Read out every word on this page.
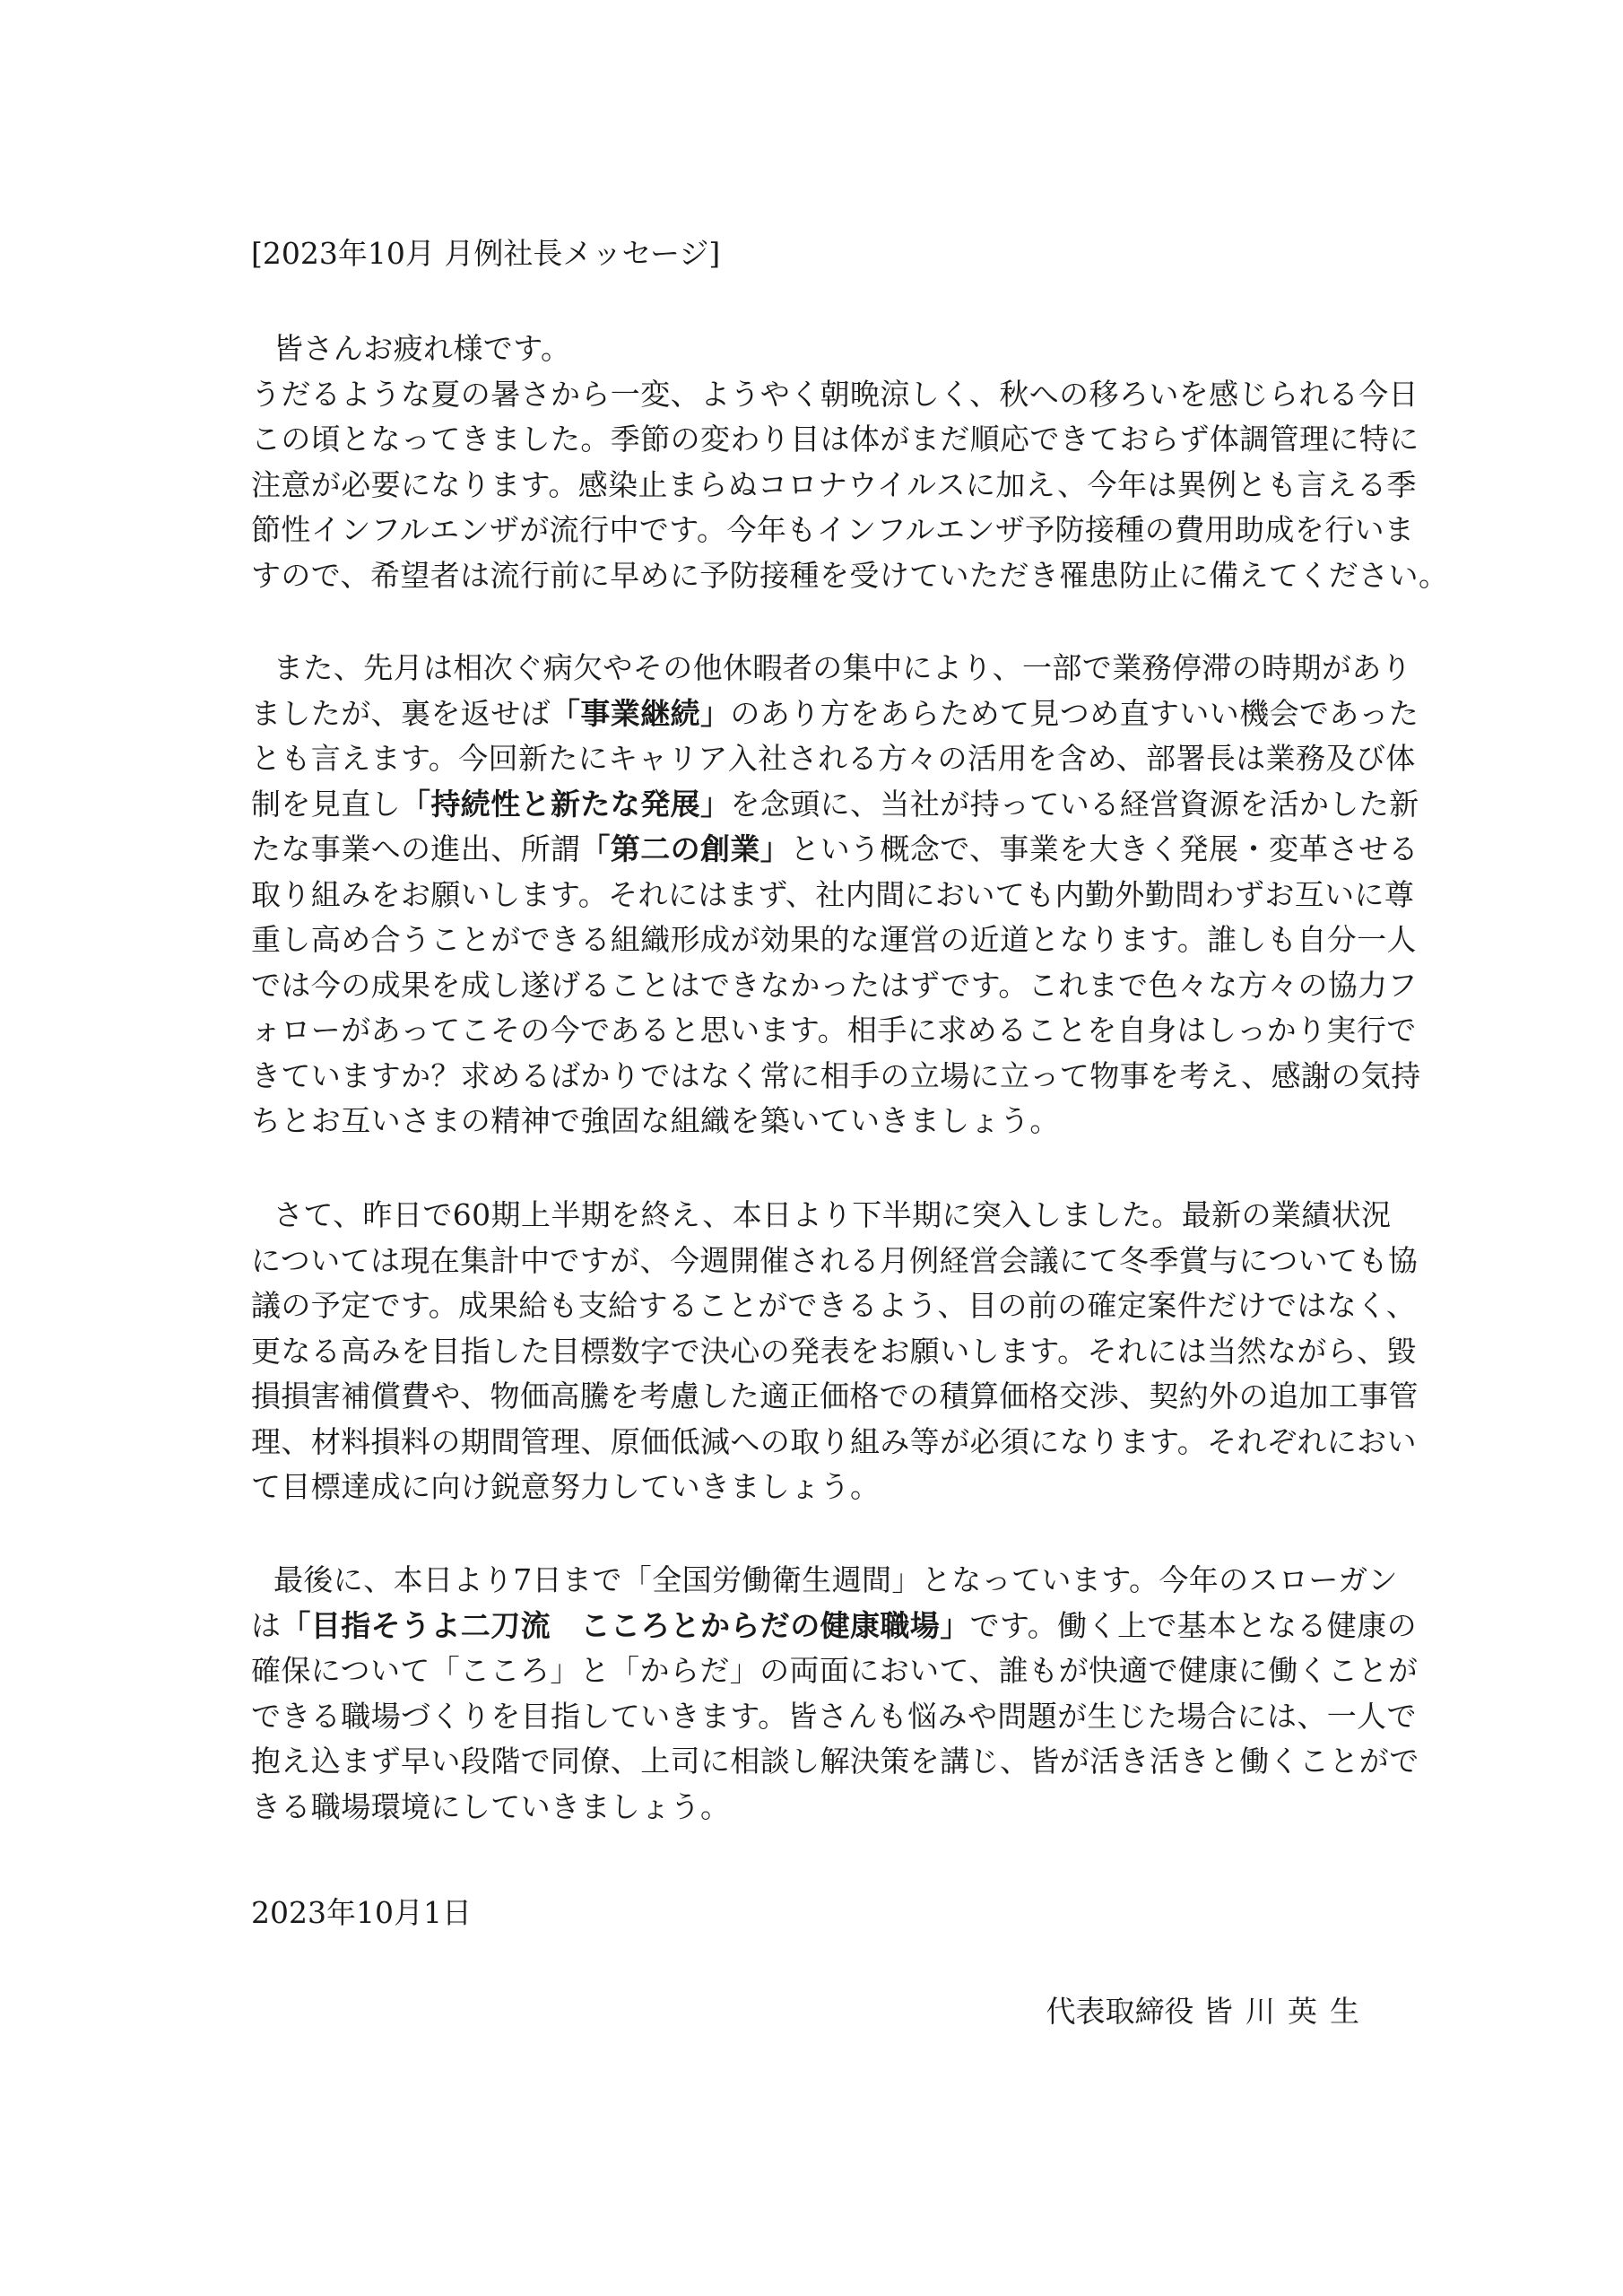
[2023年10月 月例社長メッセージ]
皆さんお疲れ様です。
うだるような夏の暑さから一変、ようやく朝晩涼しく、秋への移ろいを感じられる今日
この頃となってきました。季節の変わり目は体がまだ順応できておらず体調管理に特に
注意が必要になります。感染止まらぬコロナウイルスに加え、今年は異例とも言える季
節性インフルエンザが流行中です。今年もインフルエンザ予防接種の費用助成を行いま
すので、希望者は流行前に早めに予防接種を受けていただき罹患防止に備えてください。
また、先月は相次ぐ病欠やその他休暇者の集中により、一部で業務停滞の時期があり
ましたが、裏を返せば「事業継続」のあり方をあらためて見つめ直すいい機会であった
とも言えます。今回新たにキャリア入社される方々の活用を含め、部署長は業務及び体
制を見直し「持続性と新たな発展」を念頭に、当社が持っている経営資源を活かした新
たな事業への進出、所謂「第二の創業」という概念で、事業を大きく発展・変革させる
取り組みをお願いします。それにはまず、社内間においても内勤外勤問わずお互いに尊
重し高め合うことができる組織形成が効果的な運営の近道となります。誰しも自分一人
では今の成果を成し遂げることはできなかったはずです。これまで色々な方々の協力フ
ォローがあってこその今であると思います。相手に求めることを自身はしっかり実行で
きていますか？求めるばかりではなく常に相手の立場に立って物事を考え、感謝の気持
ちとお互いさまの精神で強固な組織を築いていきましょう。
さて、昨日で60期上半期を終え、本日より下半期に突入しました。最新の業績状況
については現在集計中ですが、今週開催される月例経営会議にて冬季賞与についても協
議の予定です。成果給も支給することができるよう、目の前の確定案件だけではなく、
更なる高みを目指した目標数字で決心の発表をお願いします。それには当然ながら、毀
損損害補償費や、物価高騰を考慮した適正価格での積算価格交渉、契約外の追加工事管
理、材料損料の期間管理、原価低減への取り組み等が必須になります。それぞれにおい
て目標達成に向け鋭意努力していきましょう。
最後に、本日より7日まで「全国労働衛生週間」となっています。今年のスローガン
は「目指そうよ二刀流　こころとからだの健康職場」です。働く上で基本となる健康の
確保について「こころ」と「からだ」の両面において、誰もが快適で健康に働くことが
できる職場づくりを目指していきます。皆さんも悩みや問題が生じた場合には、一人で
抱え込まず早い段階で同僚、上司に相談し解決策を講じ、皆が活き活きと働くことがで
きる職場環境にしていきましょう。
2023年10月1日
代表取締役 皆川英生
